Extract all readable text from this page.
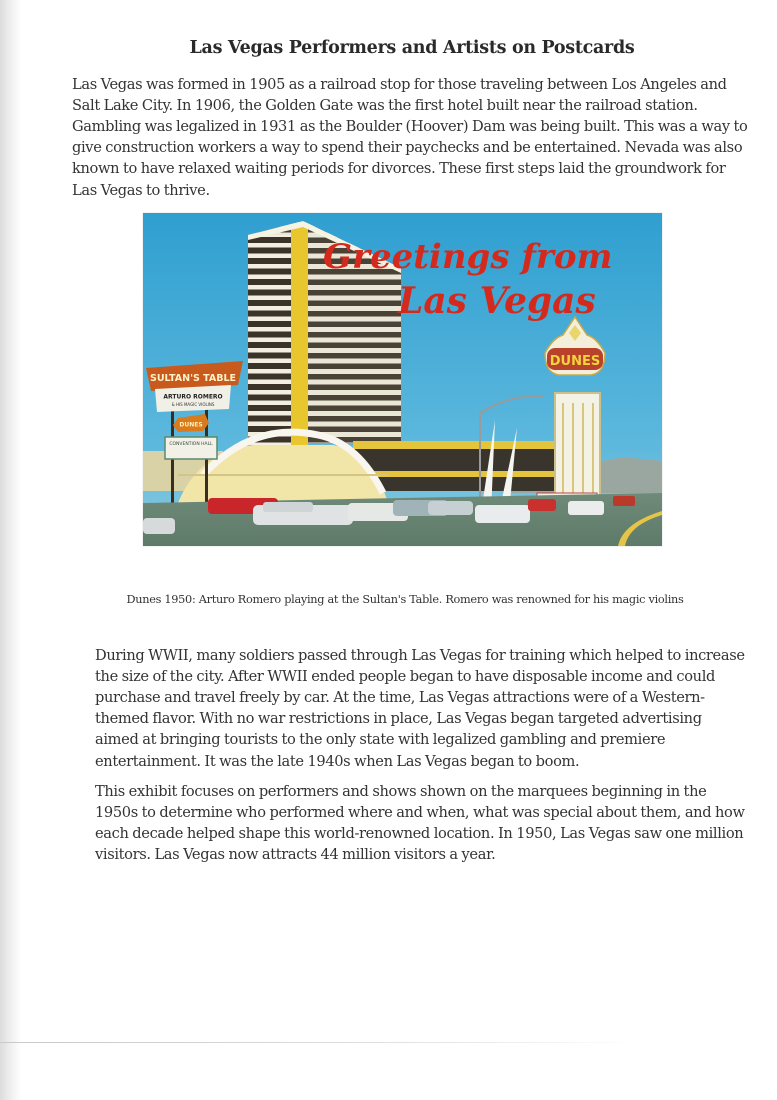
Las Vegas Performers and Artists on Postcards

Las Vegas was formed in 1905 as a railroad stop for those traveling between Los Angeles and Salt Lake City. In 1906, the Golden Gate was the first hotel built near the railroad station. Gambling was legalized in 1931 as the Boulder (Hoover) Dam was being built. This was a way to give construction workers a way to spend their paychecks and be entertained. Nevada was also known to have relaxed waiting periods for divorces. These first steps laid the groundwork for Las Vegas to thrive.

DUNES
SULTAN'S TABLE
ARTURO ROMERO
& HIS MAGIC VIOLINS
DUNES
CONVENTION HALL
Greetings from
Las Vegas

Dunes 1950: Arturo Romero playing at the Sultan's Table. Romero was renowned for his magic violins

During WWII, many soldiers passed through Las Vegas for training which helped to increase the size of the city. After WWII ended people began to have disposable income and could purchase and travel freely by car. At the time, Las Vegas attractions were of a Western-themed flavor. With no war restrictions in place, Las Vegas began targeted advertising aimed at bringing tourists to the only state with legalized gambling and premiere entertainment. It was the late 1940s when Las Vegas began to boom.

This exhibit focuses on performers and shows shown on the marquees beginning in the 1950s to determine who performed where and when, what was special about them, and how each decade helped shape this world-renowned location. In 1950, Las Vegas saw one million visitors. Las Vegas now attracts 44 million visitors a year.
